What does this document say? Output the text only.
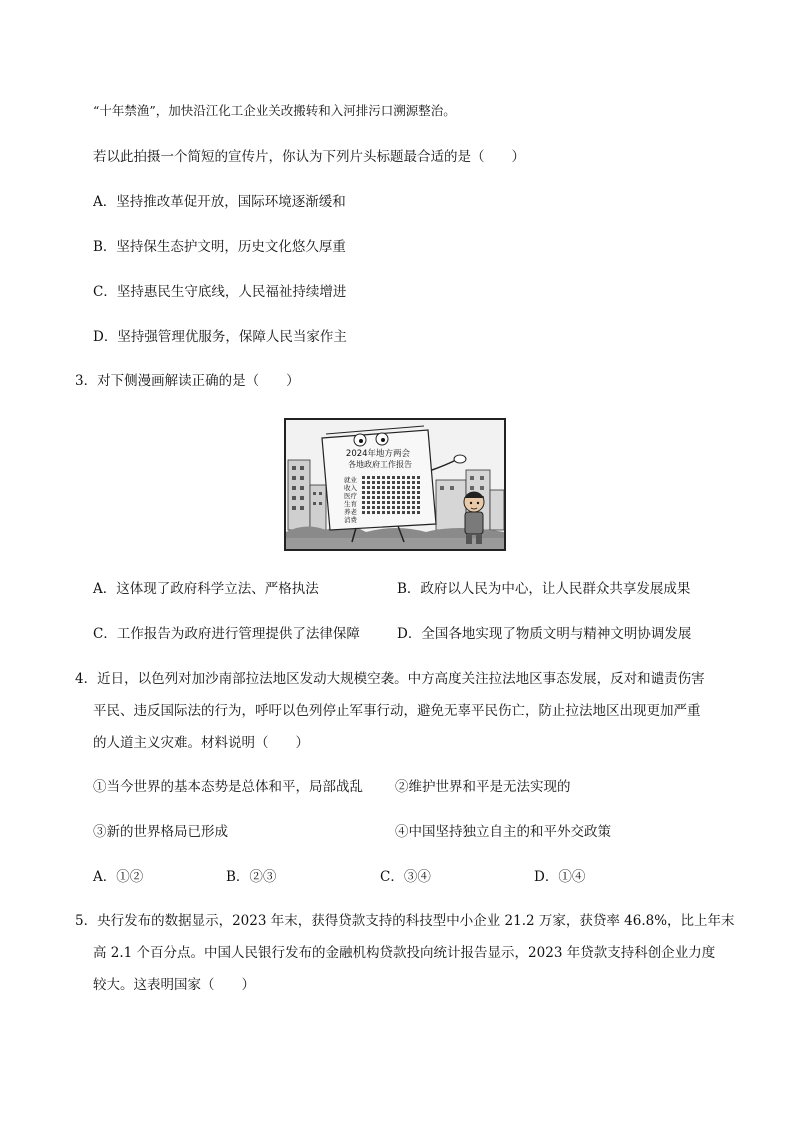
“十年禁渔”，加快沿江化工企业关改搬转和入河排污口溯源整治。
若以此拍摄一个简短的宣传片，你认为下列片头标题最合适的是（　　）
A．坚持推改革促开放，国际环境逐渐缓和
B．坚持保生态护文明，历史文化悠久厚重
C．坚持惠民生守底线，人民福祉持续增进
D．坚持强管理优服务，保障人民当家作主
3．对下侧漫画解读正确的是（　　）
2024年地方两会
各地政府工作报告
就业
收入
医疗
生育
养老
消费
A．这体现了政府科学立法、严格执法	B．政府以人民为中心，让人民群众共享发展成果
C．工作报告为政府进行管理提供了法律保障	D．全国各地实现了物质文明与精神文明协调发展
4．近日，以色列对加沙南部拉法地区发动大规模空袭。中方高度关注拉法地区事态发展，反对和谴责伤害
平民、违反国际法的行为，呼吁以色列停止军事行动，避免无辜平民伤亡，防止拉法地区出现更加严重
的人道主义灾难。材料说明（　　）
①当今世界的基本态势是总体和平，局部战乱 ②维护世界和平是无法实现的
③新的世界格局已形成	④中国坚持独立自主的和平外交政策
A．①②	B．②③	C．③④	D．①④
5．央行发布的数据显示，2023 年末，获得贷款支持的科技型中小企业 21.2 万家，获贷率 46.8%，比上年末
高 2.1 个百分点。中国人民银行发布的金融机构贷款投向统计报告显示，2023 年贷款支持科创企业力度
较大。这表明国家（　　）
